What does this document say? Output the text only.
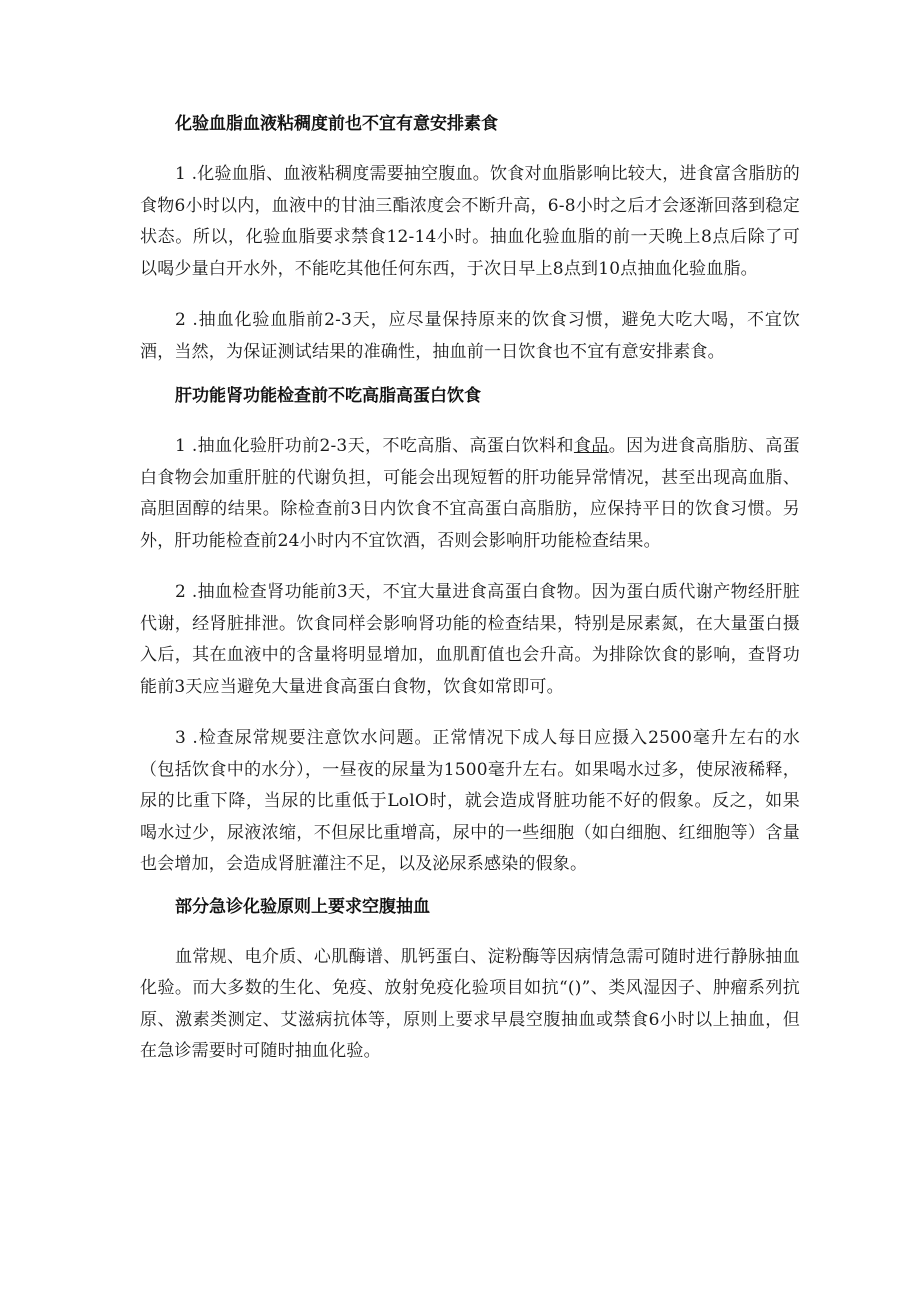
化验血脂血液粘稠度前也不宜有意安排素食

1 .化验血脂、血液粘稠度需要抽空腹血。饮食对血脂影响比较大，进食富含脂肪的食物6小时以内，血液中的甘油三酯浓度会不断升高，6-8小时之后才会逐渐回落到稳定状态。所以，化验血脂要求禁食12-14小时。抽血化验血脂的前一天晚上8点后除了可以喝少量白开水外，不能吃其他任何东西，于次日早上8点到10点抽血化验血脂。

2 .抽血化验血脂前2-3天，应尽量保持原来的饮食习惯，避免大吃大喝，不宜饮酒，当然，为保证测试结果的准确性，抽血前一日饮食也不宜有意安排素食。

肝功能肾功能检查前不吃高脂高蛋白饮食

1 .抽血化验肝功前2-3天，不吃高脂、高蛋白饮料和食品。因为进食高脂肪、高蛋白食物会加重肝脏的代谢负担，可能会出现短暂的肝功能异常情况，甚至出现高血脂、高胆固醇的结果。除检查前3日内饮食不宜高蛋白高脂肪，应保持平日的饮食习惯。另外，肝功能检查前24小时内不宜饮酒，否则会影响肝功能检查结果。

2 .抽血检查肾功能前3天，不宜大量进食高蛋白食物。因为蛋白质代谢产物经肝脏代谢，经肾脏排泄。饮食同样会影响肾功能的检查结果，特别是尿素氮，在大量蛋白摄入后，其在血液中的含量将明显增加，血肌酊值也会升高。为排除饮食的影响，查肾功能前3天应当避免大量进食高蛋白食物，饮食如常即可。

3 .检查尿常规要注意饮水问题。正常情况下成人每日应摄入2500毫升左右的水（包括饮食中的水分），一昼夜的尿量为1500毫升左右。如果喝水过多，使尿液稀释，尿的比重下降，当尿的比重低于LolO时，就会造成肾脏功能不好的假象。反之，如果喝水过少，尿液浓缩，不但尿比重增高，尿中的一些细胞（如白细胞、红细胞等）含量也会增加，会造成肾脏灌注不足，以及泌尿系感染的假象。

部分急诊化验原则上要求空腹抽血

血常规、电介质、心肌酶谱、肌钙蛋白、淀粉酶等因病情急需可随时进行静脉抽血化验。而大多数的生化、免疫、放射免疫化验项目如抗“()”、类风湿因子、肿瘤系列抗原、激素类测定、艾滋病抗体等，原则上要求早晨空腹抽血或禁食6小时以上抽血，但在急诊需要时可随时抽血化验。
